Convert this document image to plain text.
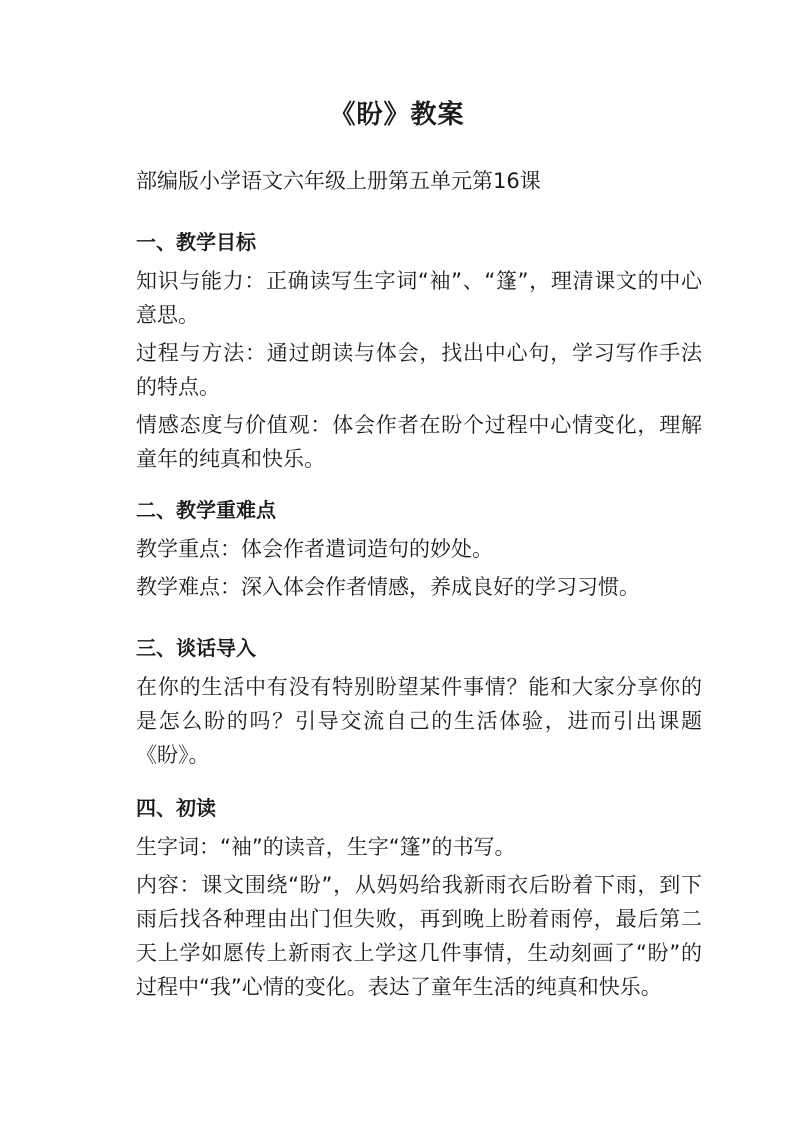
《盼》教案
部编版小学语文六年级上册第五单元第16课
一、教学目标
知识与能力：正确读写生字词“袖”、“篷”，理清课文的中心意思。
过程与方法：通过朗读与体会，找出中心句，学习写作手法的特点。
情感态度与价值观：体会作者在盼个过程中心情变化，理解童年的纯真和快乐。
二、教学重难点
教学重点：体会作者遣词造句的妙处。
教学难点：深入体会作者情感，养成良好的学习习惯。
三、谈话导入
在你的生活中有没有特别盼望某件事情？能和大家分享你的是怎么盼的吗？引导交流自己的生活体验，进而引出课题《盼》。
四、初读
生字词：“袖”的读音，生字“篷”的书写。
内容：课文围绕“盼”，从妈妈给我新雨衣后盼着下雨，到下雨后找各种理由出门但失败，再到晚上盼着雨停，最后第二天上学如愿传上新雨衣上学这几件事情，生动刻画了“盼”的过程中“我”心情的变化。表达了童年生活的纯真和快乐。
